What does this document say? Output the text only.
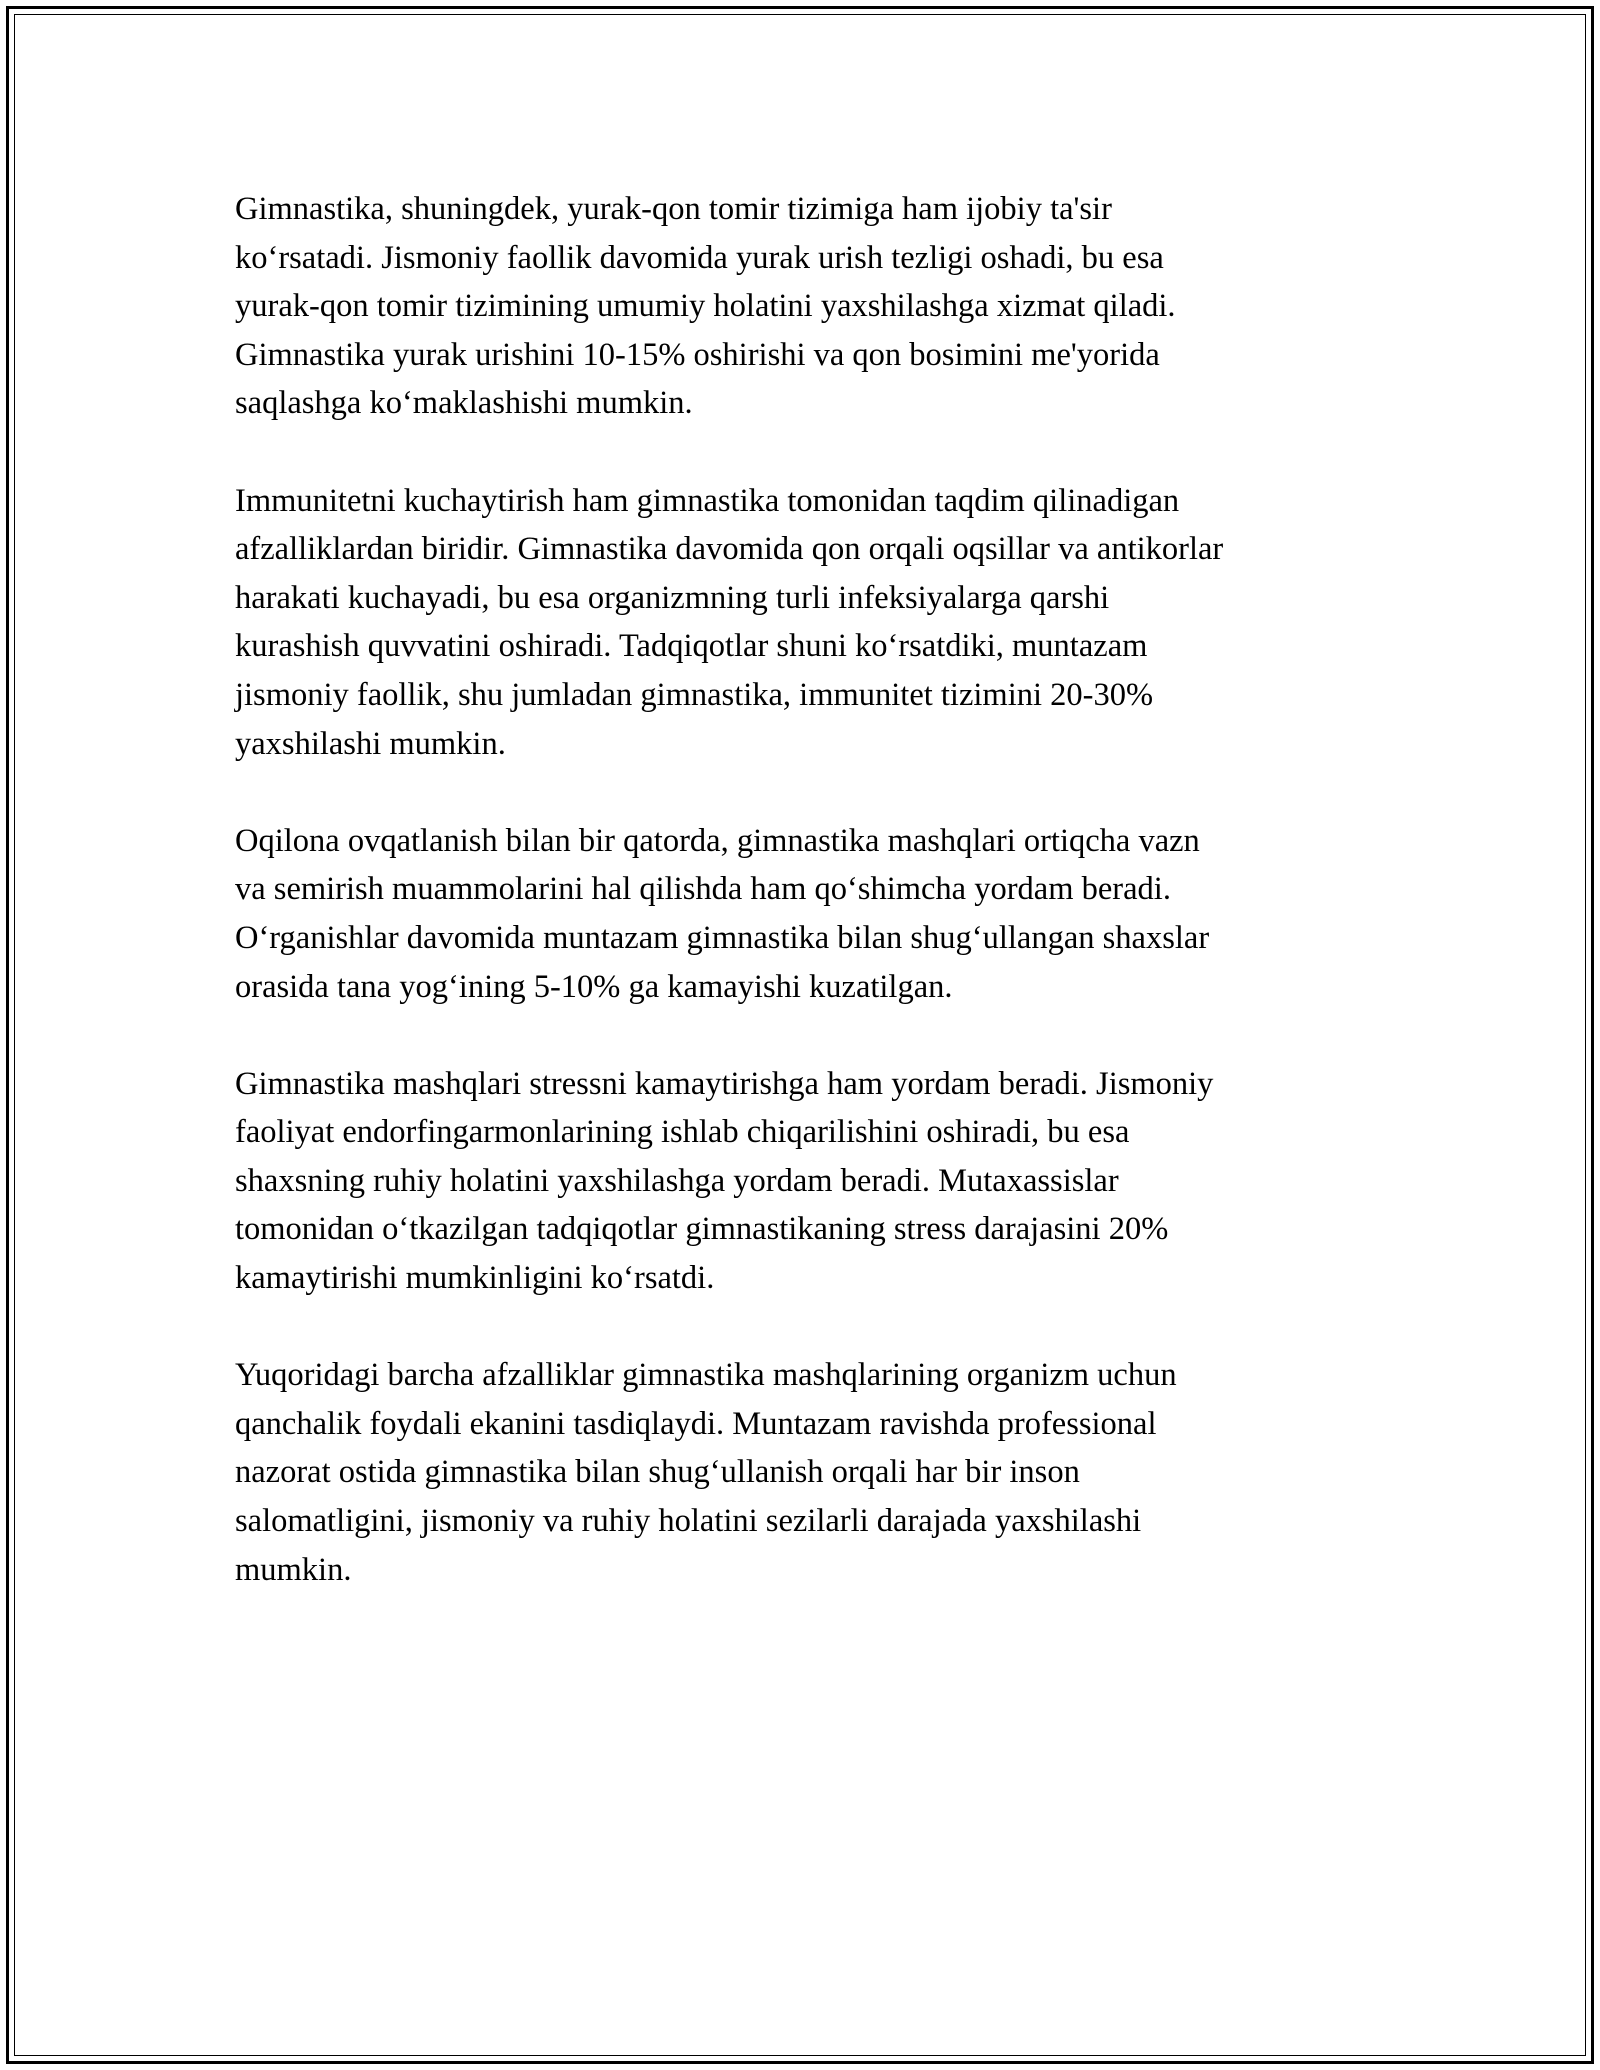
Gimnastika, shuningdek, yurak-qon tomir tizimiga ham ijobiy ta'sir
ko‘rsatadi. Jismoniy faollik davomida yurak urish tezligi oshadi, bu esa
yurak-qon tomir tizimining umumiy holatini yaxshilashga xizmat qiladi.
Gimnastika yurak urishini 10-15% oshirishi va qon bosimini me'yorida
saqlashga ko‘maklashishi mumkin.

Immunitetni kuchaytirish ham gimnastika tomonidan taqdim qilinadigan
afzalliklardan biridir. Gimnastika davomida qon orqali oqsillar va antikorlar
harakati kuchayadi, bu esa organizmning turli infeksiyalarga qarshi
kurashish quvvatini oshiradi. Tadqiqotlar shuni ko‘rsatdiki, muntazam
jismoniy faollik, shu jumladan gimnastika, immunitet tizimini 20-30%
yaxshilashi mumkin.

Oqilona ovqatlanish bilan bir qatorda, gimnastika mashqlari ortiqcha vazn
va semirish muammolarini hal qilishda ham qo‘shimcha yordam beradi.
O‘rganishlar davomida muntazam gimnastika bilan shug‘ullangan shaxslar
orasida tana yog‘ining 5-10% ga kamayishi kuzatilgan.

Gimnastika mashqlari stressni kamaytirishga ham yordam beradi. Jismoniy
faoliyat endorfingarmonlarining ishlab chiqarilishini oshiradi, bu esa
shaxsning ruhiy holatini yaxshilashga yordam beradi. Mutaxassislar
tomonidan o‘tkazilgan tadqiqotlar gimnastikaning stress darajasini 20%
kamaytirishi mumkinligini ko‘rsatdi.

Yuqoridagi barcha afzalliklar gimnastika mashqlarining organizm uchun
qanchalik foydali ekanini tasdiqlaydi. Muntazam ravishda professional
nazorat ostida gimnastika bilan shug‘ullanish orqali har bir inson
salomatligini, jismoniy va ruhiy holatini sezilarli darajada yaxshilashi
mumkin.
